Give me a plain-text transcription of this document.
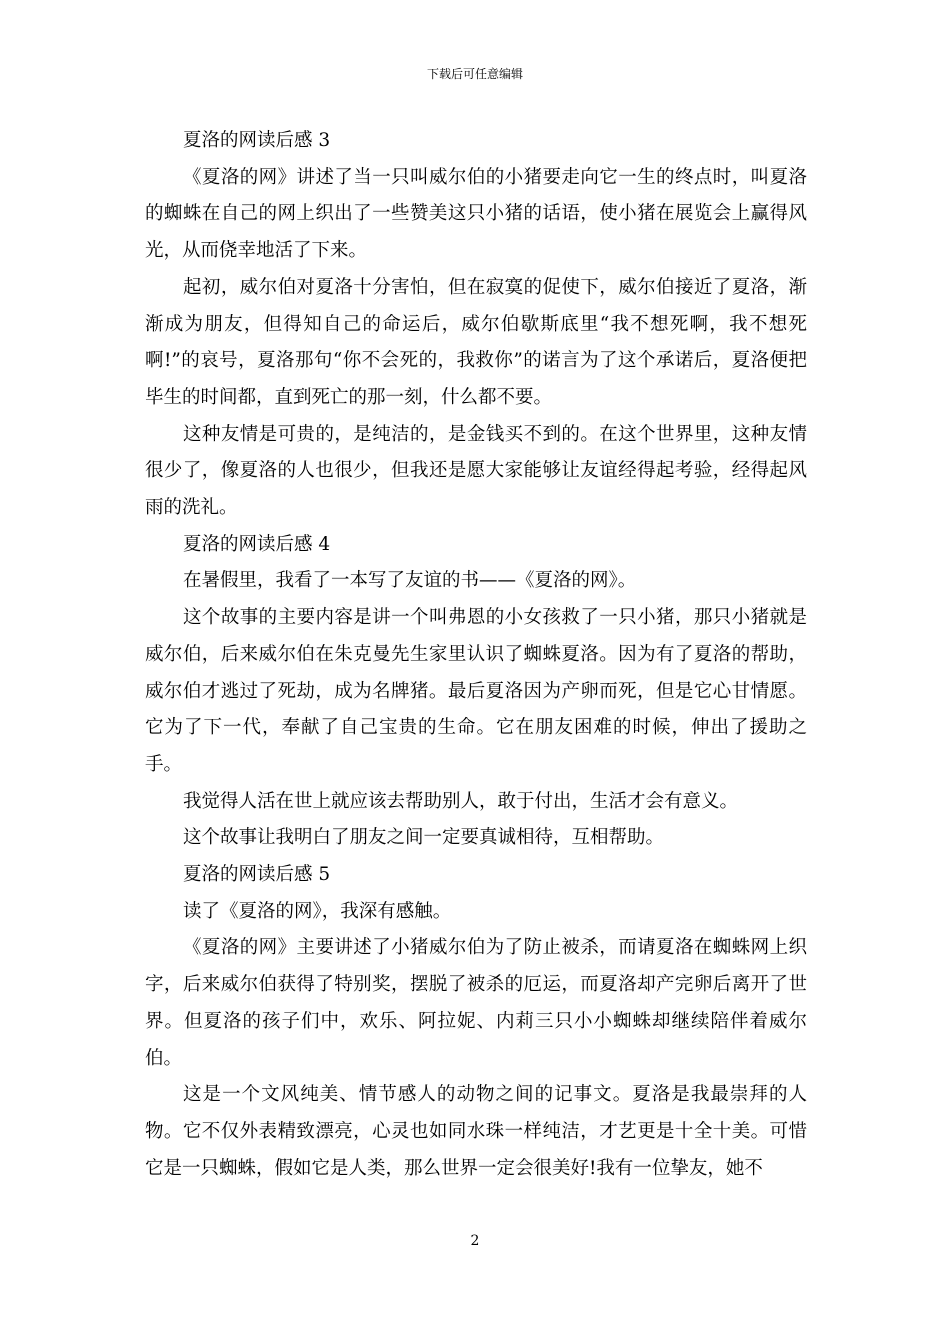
下载后可任意编辑

夏洛的网读后感 3

《夏洛的网》讲述了当一只叫威尔伯的小猪要走向它一生的终点时，叫夏洛的蜘蛛在自己的网上织出了一些赞美这只小猪的话语，使小猪在展览会上赢得风光，从而侥幸地活了下来。

起初，威尔伯对夏洛十分害怕，但在寂寞的促使下，威尔伯接近了夏洛，渐渐成为朋友，但得知自己的命运后，威尔伯歇斯底里“我不想死啊，我不想死啊!”的哀号，夏洛那句“你不会死的，我救你”的诺言为了这个承诺后，夏洛便把毕生的时间都，直到死亡的那一刻，什么都不要。

这种友情是可贵的，是纯洁的，是金钱买不到的。在这个世界里，这种友情很少了，像夏洛的人也很少，但我还是愿大家能够让友谊经得起考验，经得起风雨的洗礼。

夏洛的网读后感 4

在暑假里，我看了一本写了友谊的书——《夏洛的网》。

这个故事的主要内容是讲一个叫弗恩的小女孩救了一只小猪，那只小猪就是威尔伯，后来威尔伯在朱克曼先生家里认识了蜘蛛夏洛。因为有了夏洛的帮助，威尔伯才逃过了死劫，成为名牌猪。最后夏洛因为产卵而死，但是它心甘情愿。它为了下一代，奉献了自己宝贵的生命。它在朋友困难的时候，伸出了援助之手。

我觉得人活在世上就应该去帮助别人，敢于付出，生活才会有意义。

这个故事让我明白了朋友之间一定要真诚相待，互相帮助。

夏洛的网读后感 5

读了《夏洛的网》，我深有感触。

《夏洛的网》主要讲述了小猪威尔伯为了防止被杀，而请夏洛在蜘蛛网上织字，后来威尔伯获得了特别奖，摆脱了被杀的厄运，而夏洛却产完卵后离开了世界。但夏洛的孩子们中，欢乐、阿拉妮、内莉三只小小蜘蛛却继续陪伴着威尔伯。

这是一个文风纯美、情节感人的动物之间的记事文。夏洛是我最崇拜的人物。它不仅外表精致漂亮，心灵也如同水珠一样纯洁，才艺更是十全十美。可惜它是一只蜘蛛，假如它是人类，那么世界一定会很美好!我有一位挚友，她不

2
